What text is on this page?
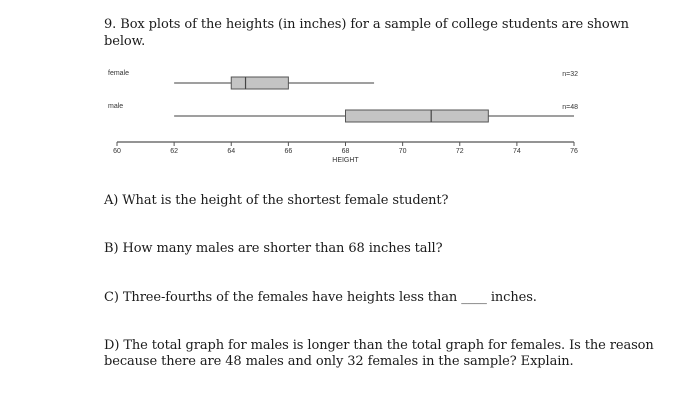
9. Box plots of the heights (in inches) for a sample of college students are shown
below.
female	n=32
male	n=48
60	62	64	66	68	70	72	74	76
HEIGHT
A) What is the height of the shortest female student?
B) How many males are shorter than 68 inches tall?
C) Three-fourths of the females have heights less than ____ inches.
D) The total graph for males is longer than the total graph for females. Is the reason
because there are 48 males and only 32 females in the sample? Explain.
